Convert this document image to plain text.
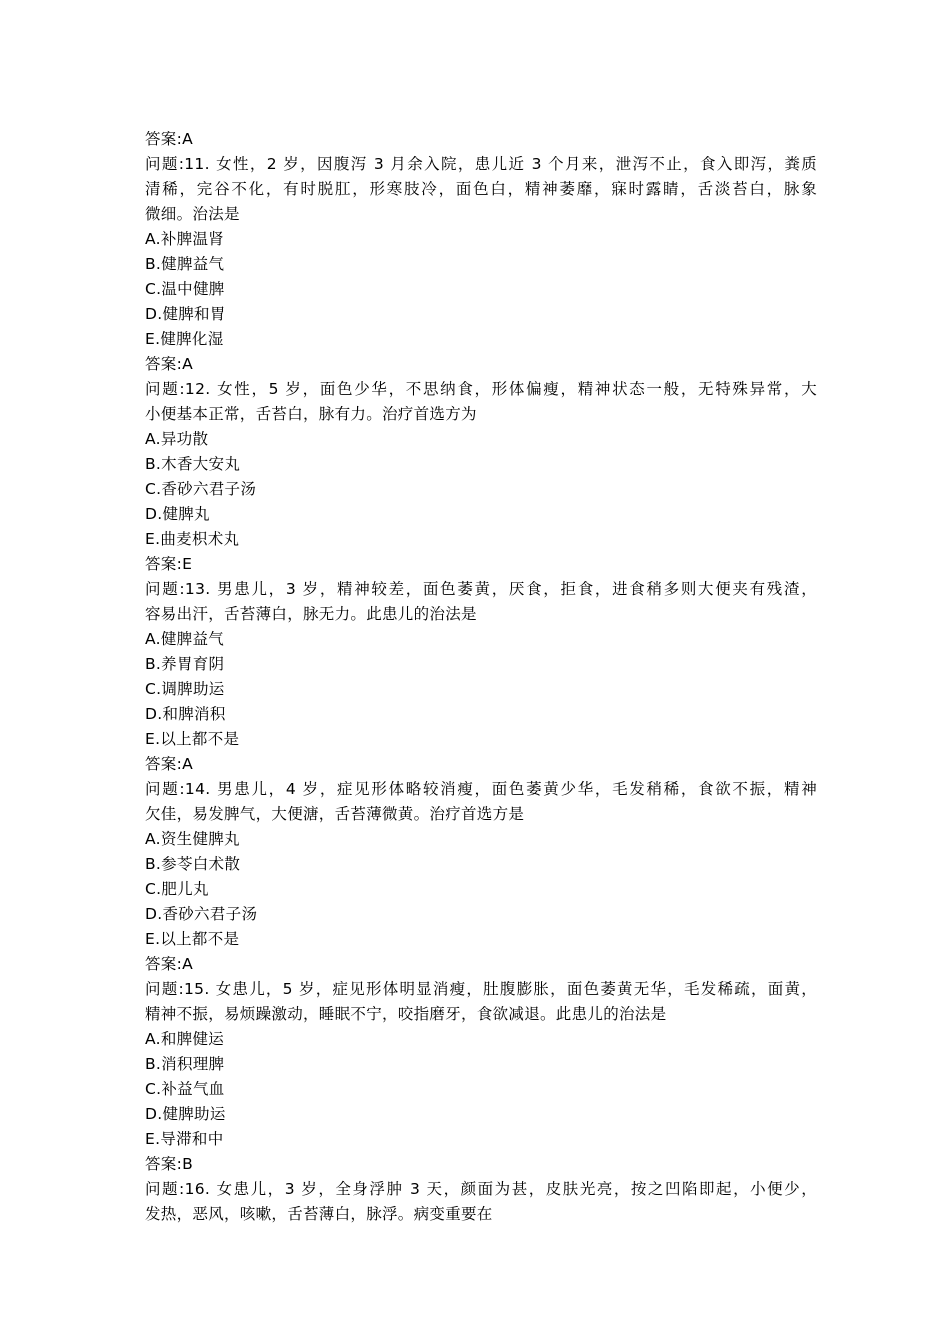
答案:A
问题:11. 女性，2 岁，因腹泻 3 月余入院，患儿近 3 个月来，泄泻不止，食入即泻，粪质
清稀，完谷不化，有时脱肛，形寒肢冷，面色白，精神萎靡，寐时露睛，舌淡苔白，脉象
微细。治法是
A.补脾温肾
B.健脾益气
C.温中健脾
D.健脾和胃
E.健脾化湿
答案:A
问题:12. 女性，5 岁，面色少华，不思纳食，形体偏瘦，精神状态一般，无特殊异常，大
小便基本正常，舌苔白，脉有力。治疗首选方为
A.异功散
B.木香大安丸
C.香砂六君子汤
D.健脾丸
E.曲麦枳术丸
答案:E
问题:13. 男患儿，3 岁，精神较差，面色萎黄，厌食，拒食，进食稍多则大便夹有残渣，
容易出汗，舌苔薄白，脉无力。此患儿的治法是
A.健脾益气
B.养胃育阴
C.调脾助运
D.和脾消积
E.以上都不是
答案:A
问题:14. 男患儿，4 岁，症见形体略较消瘦，面色萎黄少华，毛发稍稀，食欲不振，精神
欠佳，易发脾气，大便溏，舌苔薄微黄。治疗首选方是
A.资生健脾丸
B.参苓白术散
C.肥儿丸
D.香砂六君子汤
E.以上都不是
答案:A
问题:15. 女患儿，5 岁，症见形体明显消瘦，肚腹膨胀，面色萎黄无华，毛发稀疏，面黄，
精神不振，易烦躁激动，睡眠不宁，咬指磨牙，食欲减退。此患儿的治法是
A.和脾健运
B.消积理脾
C.补益气血
D.健脾助运
E.导滞和中
答案:B
问题:16. 女患儿，3 岁，全身浮肿 3 天，颜面为甚，皮肤光亮，按之凹陷即起，小便少，
发热，恶风，咳嗽，舌苔薄白，脉浮。病变重要在
